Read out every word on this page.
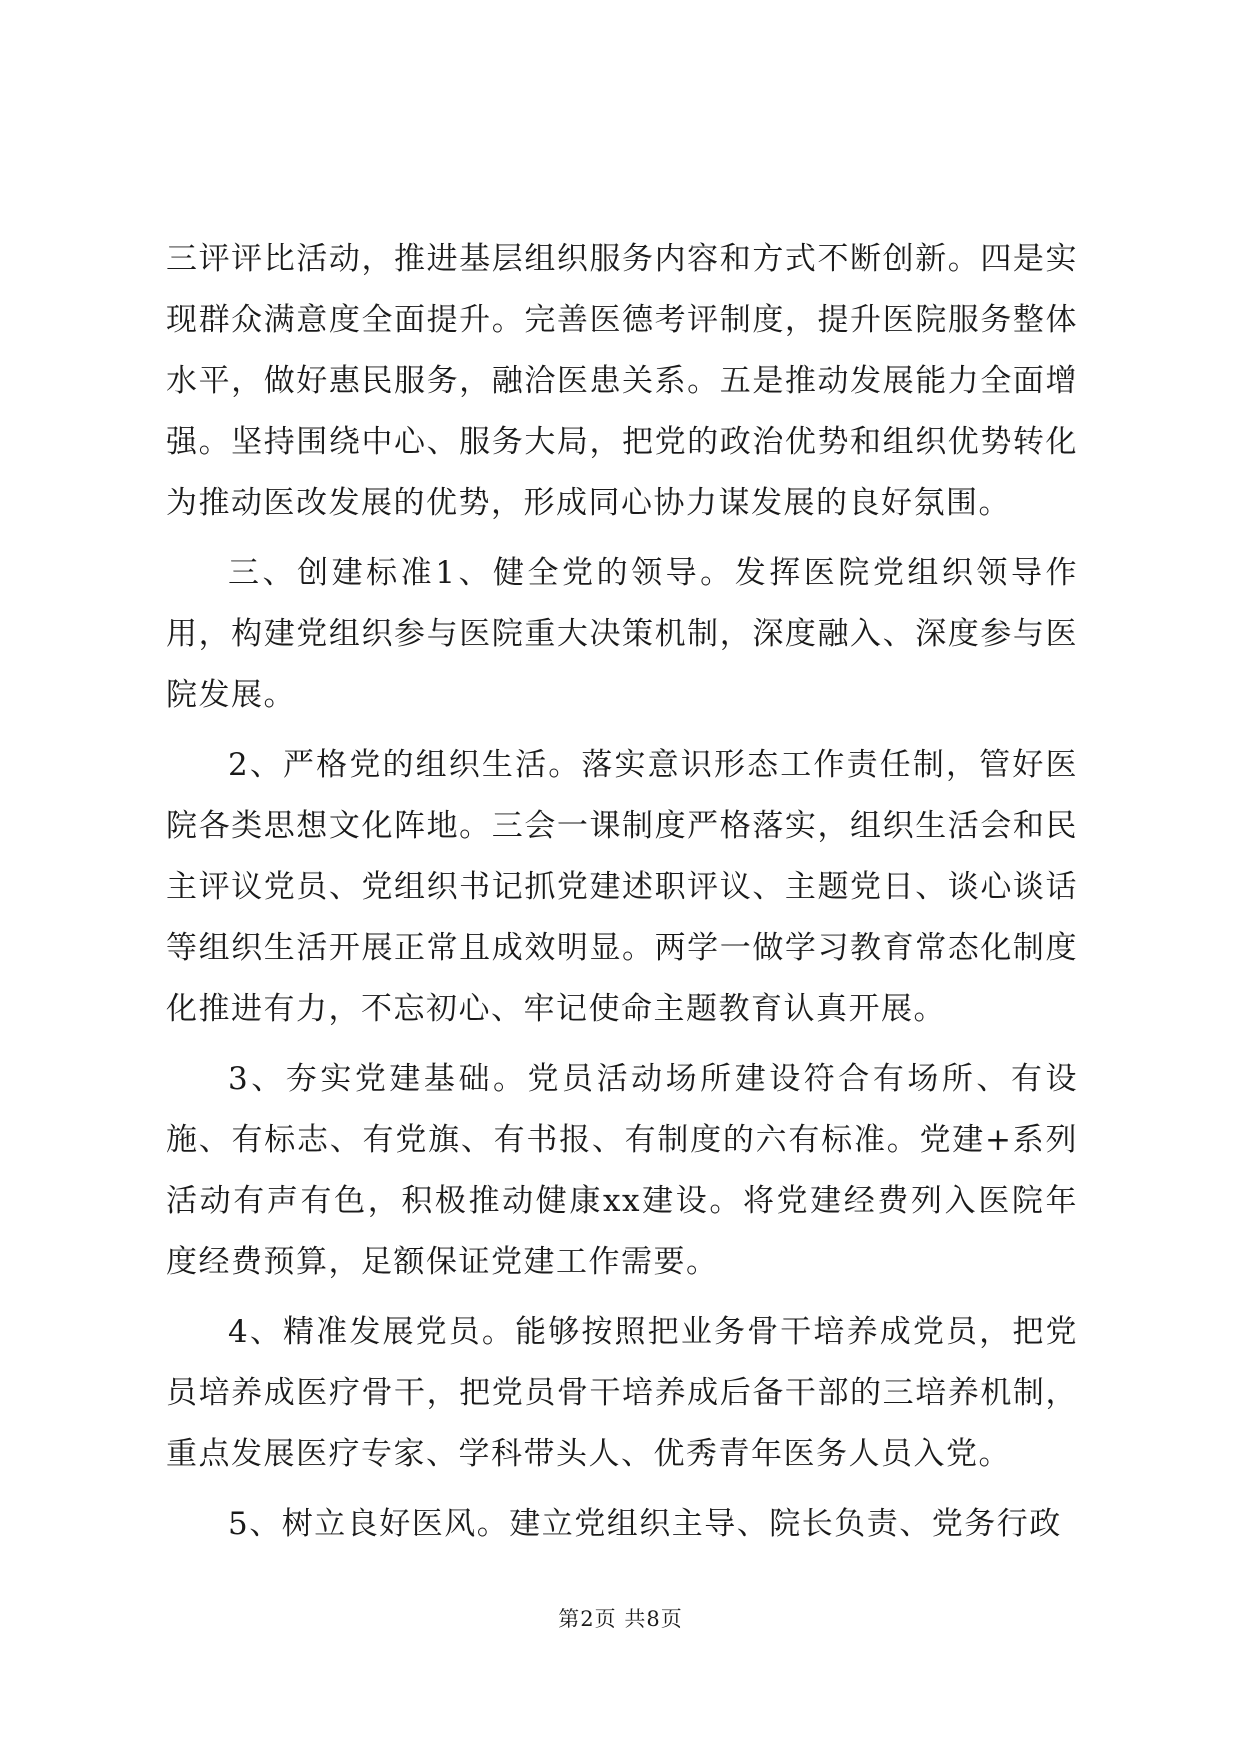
三评评比活动，推进基层组织服务内容和方式不断创新。四是实现群众满意度全面提升。完善医德考评制度，提升医院服务整体水平，做好惠民服务，融洽医患关系。五是推动发展能力全面增强。坚持围绕中心、服务大局，把党的政治优势和组织优势转化为推动医改发展的优势，形成同心协力谋发展的良好氛围。

三、创建标准1、健全党的领导。发挥医院党组织领导作用，构建党组织参与医院重大决策机制，深度融入、深度参与医院发展。

2、严格党的组织生活。落实意识形态工作责任制，管好医院各类思想文化阵地。三会一课制度严格落实，组织生活会和民主评议党员、党组织书记抓党建述职评议、主题党日、谈心谈话等组织生活开展正常且成效明显。两学一做学习教育常态化制度化推进有力，不忘初心、牢记使命主题教育认真开展。

3、夯实党建基础。党员活动场所建设符合有场所、有设施、有标志、有党旗、有书报、有制度的六有标准。党建+系列活动有声有色，积极推动健康xx建设。将党建经费列入医院年度经费预算，足额保证党建工作需要。

4、精准发展党员。能够按照把业务骨干培养成党员，把党员培养成医疗骨干，把党员骨干培养成后备干部的三培养机制，重点发展医疗专家、学科带头人、优秀青年医务人员入党。

5、树立良好医风。建立党组织主导、院长负责、党务行政

第2页 共8页
